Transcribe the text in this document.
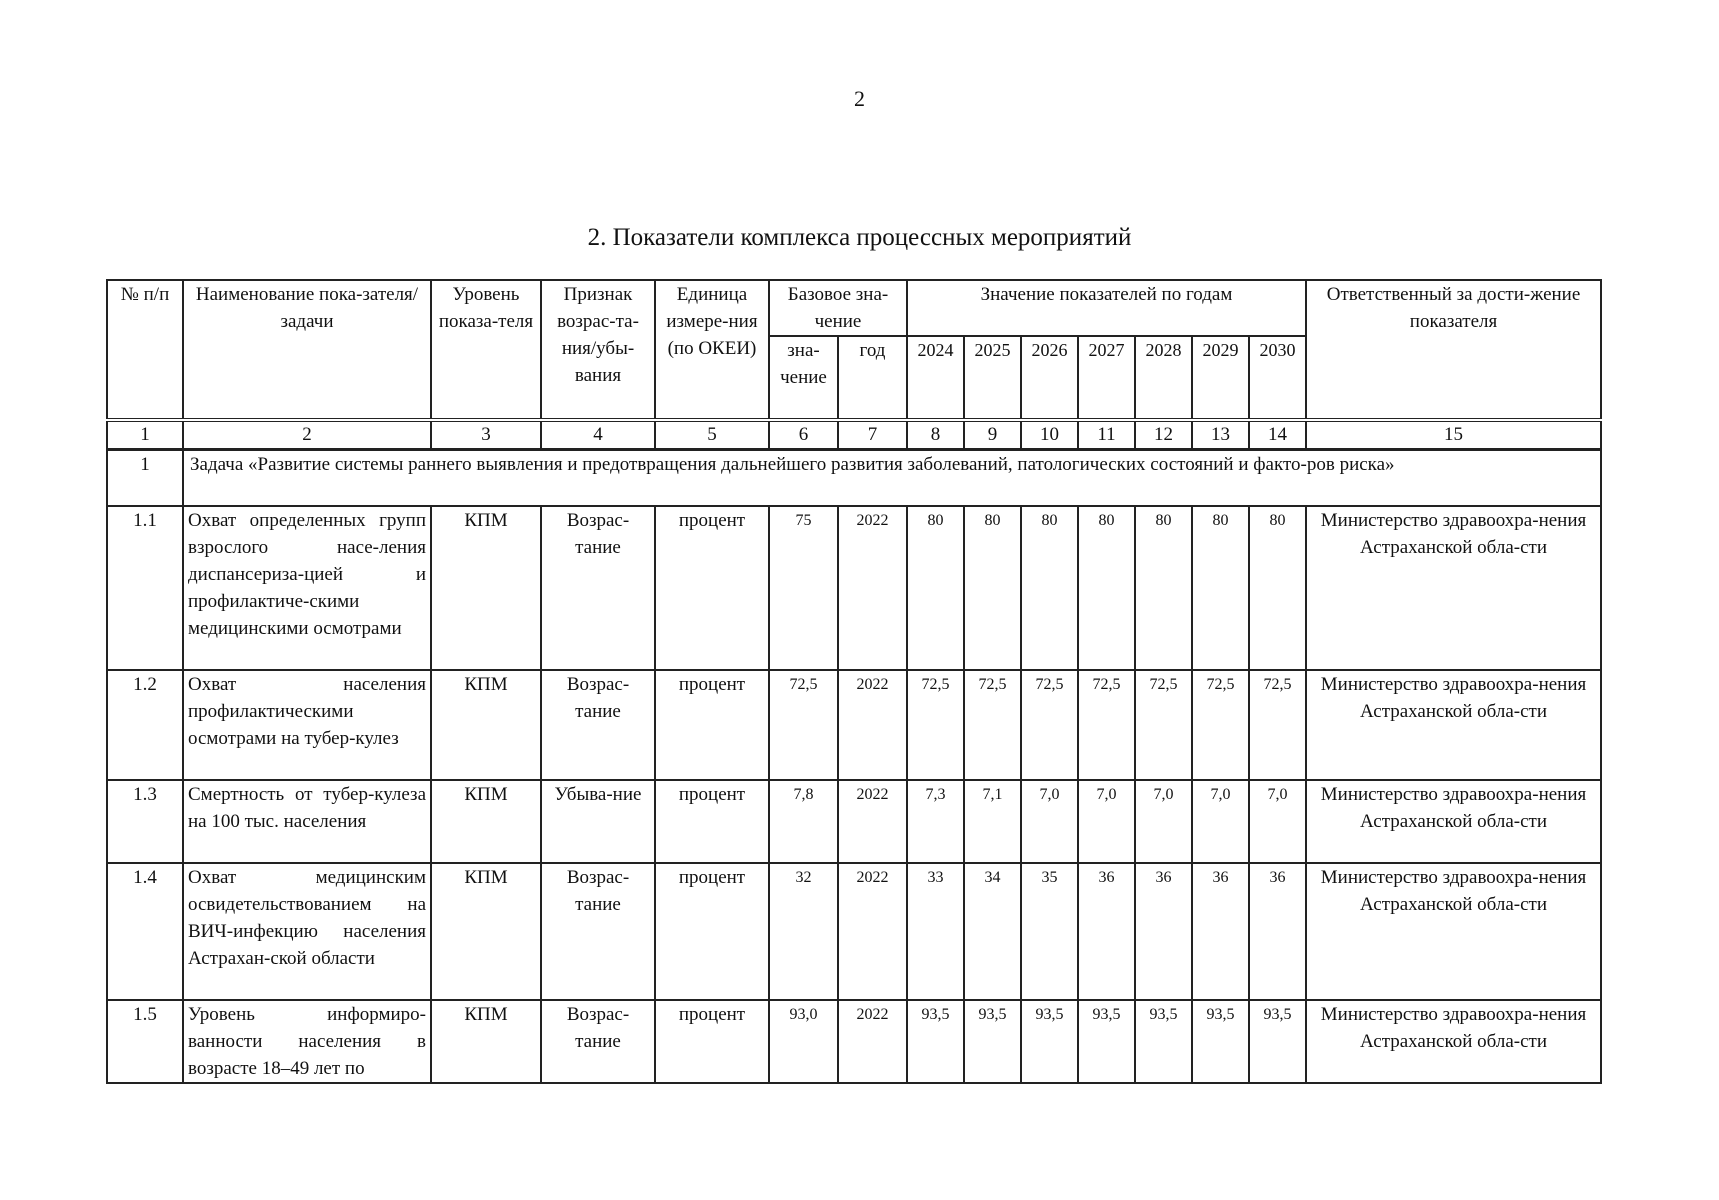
2
2. Показатели комплекса процессных мероприятий
№ п/п	Наименование пока-зателя/задачи	Уровень показа-теля	Признак возрас-та-ния/убы-вания	Единица измере-ния (по ОКЕИ)	Базовое зна-чение		Значение показателей по годам							Ответственный за дости-жение показателя
					зна-чение	год	2024	2025	2026	2027	2028	2029	2030	
1	2	3	4	5	6	7	8	9	10	11	12	13	14	15
1	Задача «Развитие системы раннего выявления и предотвращения дальнейшего развития заболеваний, патологических состояний и факто-ров риска»													
1.1	Охват определенных групп взрослого насе-ления диспансериза-цией и профилактиче-скими медицинскими осмотрами	КПМ	Возрас-тание	процент	75	2022	80	80	80	80	80	80	80	Министерство здравоохра-нения Астраханской обла-сти
1.2	Охват населения профилактическими осмотрами на тубер-кулез	КПМ	Возрас-тание	процент	72,5	2022	72,5	72,5	72,5	72,5	72,5	72,5	72,5	Министерство здравоохра-нения Астраханской обла-сти
1.3	Смертность от тубер-кулеза на 100 тыс. населения	КПМ	Убыва-ние	процент	7,8	2022	7,3	7,1	7,0	7,0	7,0	7,0	7,0	Министерство здравоохра-нения Астраханской обла-сти
1.4	Охват медицинским освидетельствованием на ВИЧ-инфекцию населения Астрахан-ской области	КПМ	Возрас-тание	процент	32	2022	33	34	35	36	36	36	36	Министерство здравоохра-нения Астраханской обла-сти
1.5	Уровень информиро-ванности населения в возрасте 18–49 лет по	КПМ	Возрас-тание	процент	93,0	2022	93,5	93,5	93,5	93,5	93,5	93,5	93,5	Министерство здравоохра-нения Астраханской обла-сти
